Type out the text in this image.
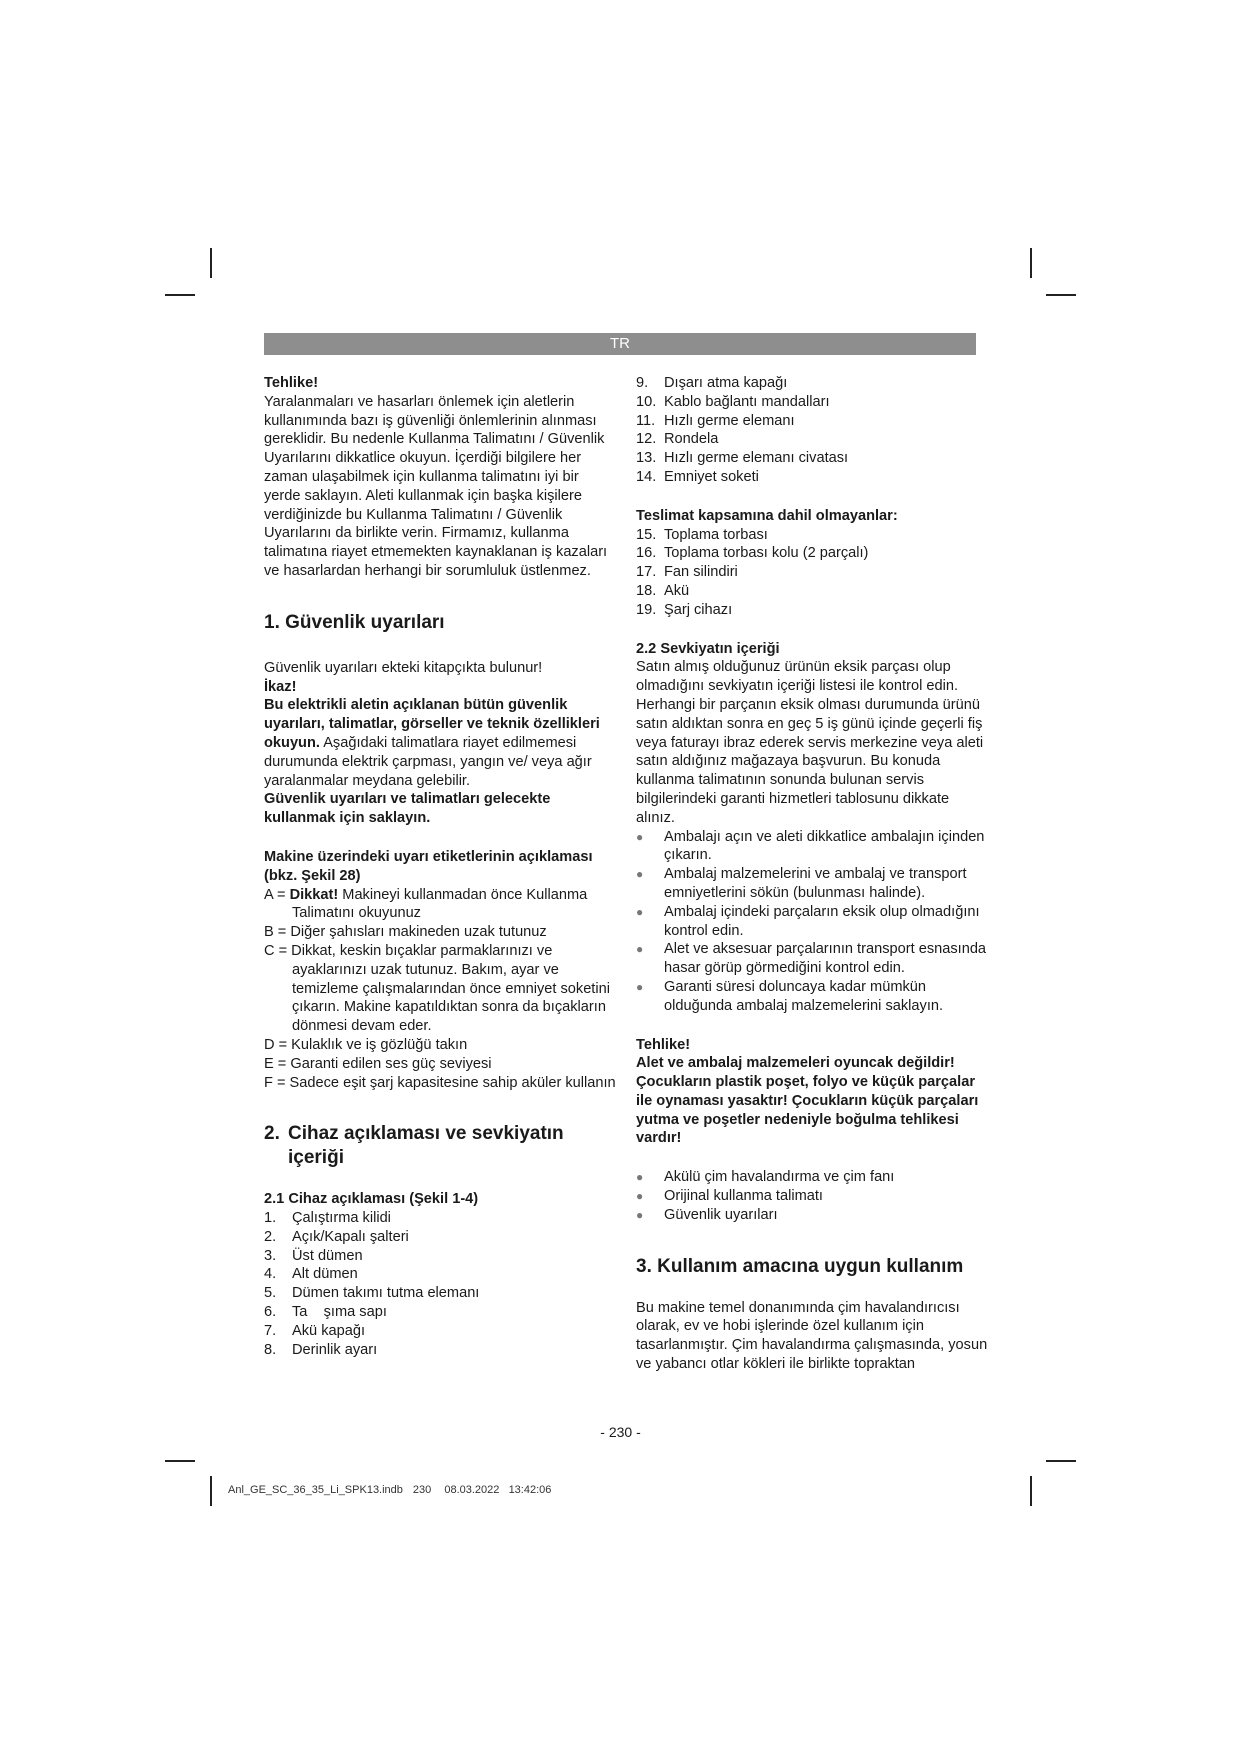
TR

Tehlike!

Yaralanmaları ve hasarları önlemek için aletlerin kullanımında bazı iş güvenliği önlemlerinin alınması gereklidir. Bu nedenle Kullanma Talimatını / Güvenlik Uyarılarını dikkatlice okuyun. İçerdiği bilgilere her zaman ulaşabilmek için kullanma talimatını iyi bir yerde saklayın. Aleti kullanmak için başka kişilere verdiğinizde bu Kullanma Talimatını / Güvenlik Uyarılarını da birlikte verin. Firmamız, kullanma talimatına riayet etmemekten kaynaklanan iş kazaları ve hasarlardan herhangi bir sorumluluk üstlenmez.

1. Güvenlik uyarıları

Güvenlik uyarıları ekteki kitapçıkta bulunur!

İkaz!

Bu elektrikli aletin açıklanan bütün güvenlik uyarıları, talimatlar, görseller ve teknik özellikleri okuyun. Aşağıdaki talimatlara riayet edilmemesi durumunda elektrik çarpması, yangın ve/ veya ağır yaralanmalar meydana gelebilir.

Güvenlik uyarıları ve talimatları gelecekte kullanmak için saklayın.

Makine üzerindeki uyarı etiketlerinin açıklaması (bkz. Şekil 28)

A = Dikkat! Makineyi kullanmadan önce Kullanma Talimatını okuyunuz

B = Diğer şahısları makineden uzak tutunuz

C = Dikkat, keskin bıçaklar parmaklarınızı ve ayaklarınızı uzak tutunuz. Bakım, ayar ve temizleme çalışmalarından önce emniyet soketini çıkarın. Makine kapatıldıktan sonra da bıçakların dönmesi devam eder.

D = Kulaklık ve iş gözlüğü takın

E = Garanti edilen ses güç seviyesi

F = Sadece eşit şarj kapasitesine sahip aküler kullanın

2. Cihaz açıklaması ve sevkiyatın içeriği

2.1 Cihaz açıklaması (Şekil 1-4)

1.	Çalıştırma kilidi
2.	Açık/Kapalı şalteri
3.	Üst dümen
4.	Alt dümen
5.	Dümen takımı tutma elemanı
6.	Ta    şıma sapı
7.	Akü kapağı
8.	Derinlik ayarı
9.	Dışarı atma kapağı
10. Kablo bağlantı mandalları
11. Hızlı germe elemanı
12. Rondela
13. Hızlı germe elemanı civatası
14. Emniyet soketi

Teslimat kapsamına dahil olmayanlar:

15. Toplama torbası
16. Toplama torbası kolu (2 parçalı)
17. Fan silindiri
18. Akü
19. Şarj cihazı

2.2 Sevkiyatın içeriği

Satın almış olduğunuz ürünün eksik parçası olup olmadığını sevkiyatın içeriği listesi ile kontrol edin. Herhangi bir parçanın eksik olması durumunda ürünü satın aldıktan sonra en geç 5 iş günü içinde geçerli fiş veya faturayı ibraz ederek servis merkezine veya aleti satın aldığınız mağazaya başvurun. Bu konuda kullanma talimatının sonunda bulunan servis bilgilerindeki garanti hizmetleri tablosunu dikkate alınız.

●	Ambalajı açın ve aleti dikkatlice ambalajın içinden çıkarın.
●	Ambalaj malzemelerini ve ambalaj ve transport emniyetlerini sökün (bulunması halinde).
●	Ambalaj içindeki parçaların eksik olup olmadığını kontrol edin.
●	Alet ve aksesuar parçalarının transport esnasında hasar görüp görmediğini kontrol edin.
●	Garanti süresi doluncaya kadar mümkün olduğunda ambalaj malzemelerini saklayın.

Tehlike!

Alet ve ambalaj malzemeleri oyuncak değildir! Çocukların plastik poşet, folyo ve küçük parçalar ile oynaması yasaktır! Çocukların küçük parçaları yutma ve poşetler nedeniyle boğulma tehlikesi vardır!

●	Akülü çim havalandırma ve çim fanı
●	Orijinal kullanma talimatı
●	Güvenlik uyarıları
3. Kullanım amacına uygun kullanım

Bu makine temel donanımında çim havalandırıcısı olarak, ev ve hobi işlerinde özel kullanım için tasarlanmıştır. Çim havalandırma çalışmasında, yosun ve yabancı otlar kökleri ile birlikte topraktan

- 230 -
Anl_GE_SC_36_35_Li_SPK13.indb 230 08.03.2022   13:42:06
